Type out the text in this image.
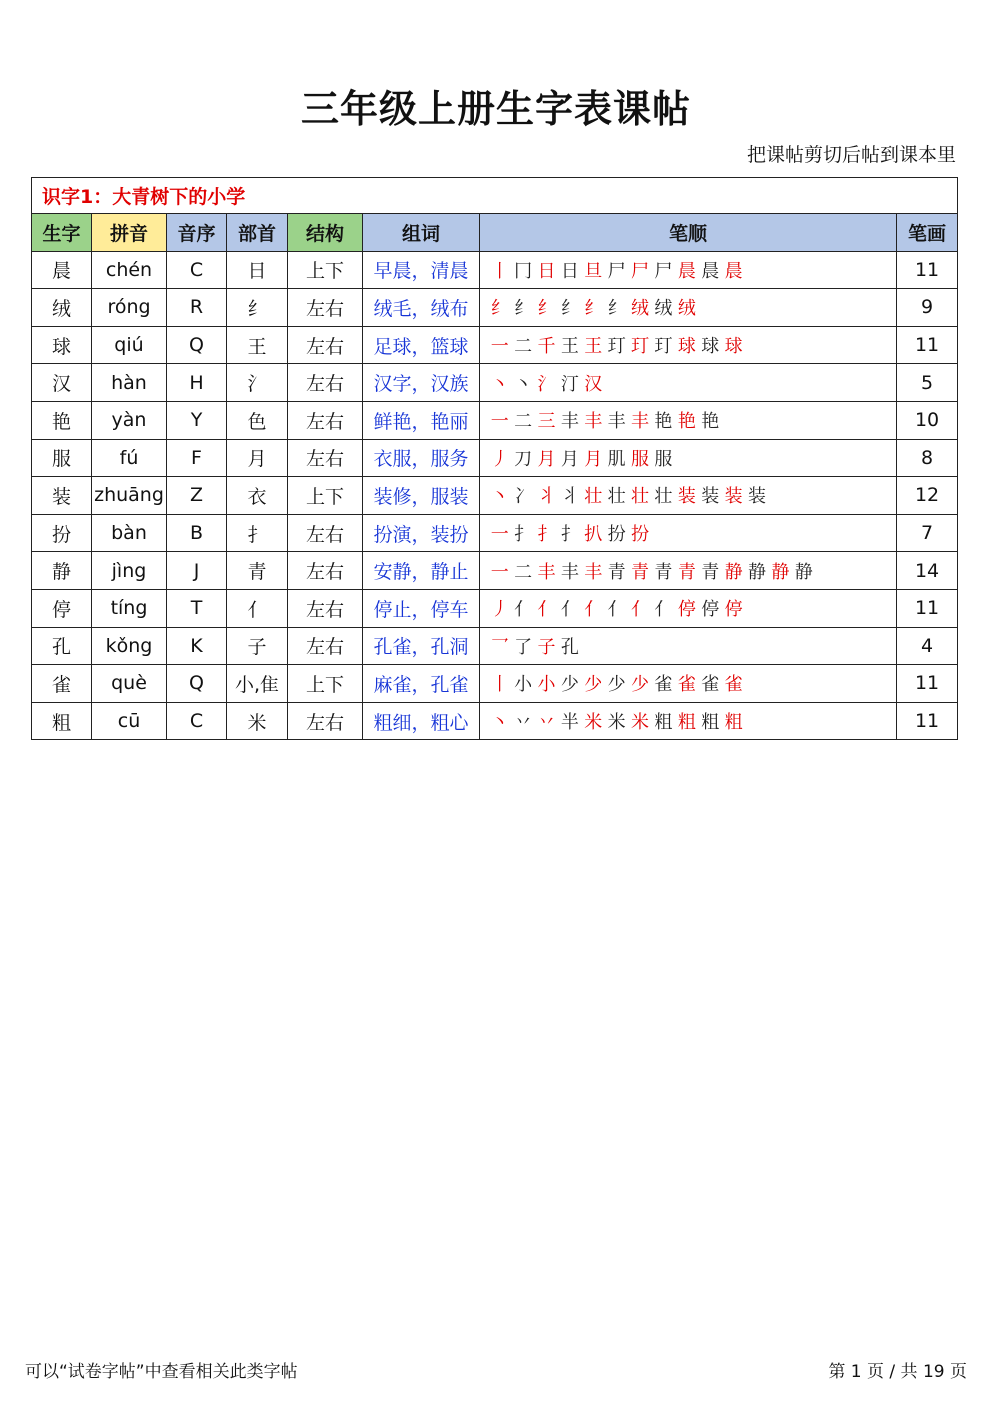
三年级上册生字表课帖
把课帖剪切后帖到课本里
识字1：大青树下的小学							
生字	拼音	音序	部首	结构	组词	笔顺	笔画
晨	chén	C	日	上下	早晨，清晨	丨 冂 日 日 旦 尸 尸 尸 晨 晨 晨	11
绒	róng	R	纟	左右	绒毛，绒布	纟 纟 纟 纟 纟 纟 绒 绒 绒	9
球	qiú	Q	王	左右	足球，篮球	一 二 千 王 王 玎 玎 玎 球 球 球	11
汉	hàn	H	氵	左右	汉字，汉族	丶 丶 氵 汀 汉	5
艳	yàn	Y	色	左右	鲜艳，艳丽	一 二 三 丰 丰 丰 丰 艳 艳 艳	10
服	fú	F	月	左右	衣服，服务	丿 刀 月 月 月 肌 服 服	8
装	zhuāng	Z	衣	上下	装修，服装	丶 冫 丬 丬 壮 壮 壮 壮 装 装 装 装	12
扮	bàn	B	扌	左右	扮演，装扮	一 扌 扌 扌 扒 扮 扮	7
静	jìng	J	青	左右	安静，静止	一 二 丰 丰 丰 青 青 青 青 青 静 静 静 静	14
停	tíng	T	亻	左右	停止，停车	丿 亻 亻 亻 亻 亻 亻 亻 停 停 停	11
孔	kǒng	K	子	左右	孔雀，孔洞	乛 了 子 孔	4
雀	què	Q	小,隹	上下	麻雀，孔雀	丨 小 小 少 少 少 少 雀 雀 雀 雀	11
粗	cū	C	米	左右	粗细，粗心	丶 丷 丷 半 米 米 米 粗 粗 粗 粗	11
可以“试卷字帖”中查看相关此类字帖	第 1 页 / 共 19 页
